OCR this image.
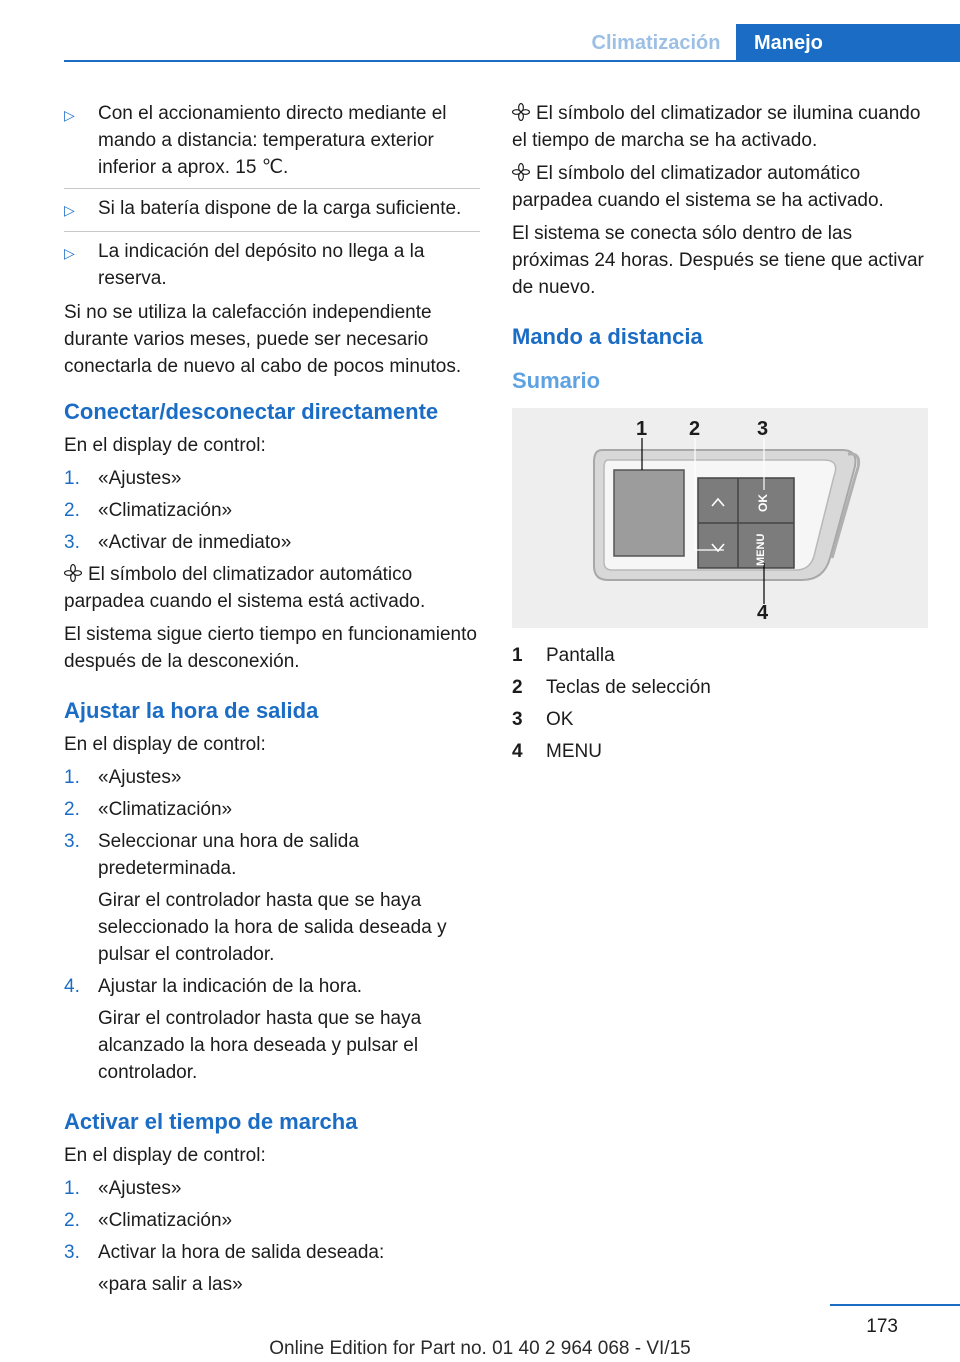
Climatización	Manejo
▷	Con el accionamiento directo mediante el mando a distancia: temperatura exterior inferior a aprox. 15 ℃.
▷	Si la batería dispone de la carga suficiente.
▷	La indicación del depósito no llega a la reserva.

Si no se utiliza la calefacción independiente durante varios meses, puede ser necesario conectarla de nuevo al cabo de pocos minutos.

Conectar/desconectar directamente

En el display de control:

1. «Ajustes»
2. «Climatización»
3. «Activar de inmediato»

El símbolo del climatizador automático parpadea cuando el sistema está activado.

El sistema sigue cierto tiempo en funcionamiento después de la desconexión.

Ajustar la hora de salida

En el display de control:

1. «Ajustes»
2. «Climatización»
3. Seleccionar una hora de salida predeterminada.
Girar el controlador hasta que se haya seleccionado la hora de salida deseada y pulsar el controlador.
4. Ajustar la indicación de la hora.
Girar el controlador hasta que se haya alcanzado la hora deseada y pulsar el controlador.
Activar el tiempo de marcha

En el display de control:

1. «Ajustes»
2. «Climatización»
3. Activar la hora de salida deseada:
«para salir a las»

El símbolo del climatizador se ilumina cuando el tiempo de marcha se ha activado.

El símbolo del climatizador automático parpadea cuando el sistema se ha activado.

El sistema se conecta sólo dentro de las próximas 24 horas. Después se tiene que activar de nuevo.

Mando a distancia
Sumario
1 2	3
4
OK
MENU
1	Pantalla
2	Teclas de selección
3	OK
4	MENU
173
Online Edition for Part no. 01 40 2 964 068 - VI/15
